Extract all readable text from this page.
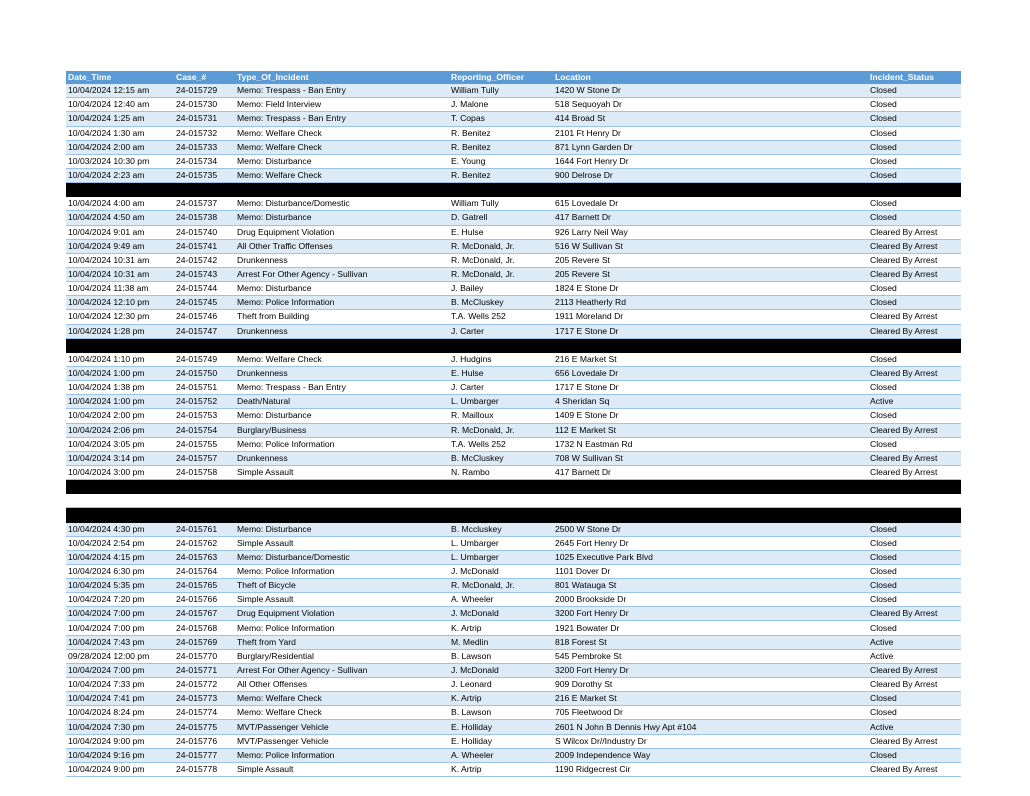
Date_Time	Case_#	Type_Of_Incident	Reporting_Officer	Location	Incident_Status
10/04/2024 12:15 am	24-015729	Memo: Trespass - Ban Entry	William Tully	1420 W Stone Dr	Closed
10/04/2024 12:40 am	24-015730	Memo: Field Interview	J. Malone	518 Sequoyah Dr	Closed
10/04/2024 1:25 am	24-015731	Memo: Trespass - Ban Entry	T. Copas	414 Broad St	Closed
10/04/2024 1:30 am	24-015732	Memo: Welfare Check	R. Benitez	2101 Ft Henry Dr	Closed
10/04/2024 2:00 am	24-015733	Memo: Welfare Check	R. Benitez	871 Lynn Garden Dr	Closed
10/03/2024 10:30 pm	24-015734	Memo: Disturbance	E. Young	1644 Fort Henry Dr	Closed
10/04/2024 2:23 am	24-015735	Memo: Welfare Check	R. Benitez	900 Delrose Dr	Closed

10/04/2024 4:00 am	24-015737	Memo: Disturbance/Domestic	William Tully	615 Lovedale Dr	Closed
10/04/2024 4:50 am	24-015738	Memo: Disturbance	D. Gatrell	417 Barnett Dr	Closed
10/04/2024 9:01 am	24-015740	Drug Equipment Violation	E. Hulse	926 Larry Neil Way	Cleared By Arrest
10/04/2024 9:49 am	24-015741	All Other Traffic Offenses	R. McDonald, Jr.	516 W Sullivan St	Cleared By Arrest
10/04/2024 10:31 am	24-015742	Drunkenness	R. McDonald, Jr.	205 Revere St	Cleared By Arrest
10/04/2024 10:31 am	24-015743	Arrest For Other Agency - Sullivan	R. McDonald, Jr.	205 Revere St	Cleared By Arrest
10/04/2024 11:38 am	24-015744	Memo: Disturbance	J. Bailey	1824 E Stone Dr	Closed
10/04/2024 12:10 pm	24-015745	Memo: Police Information	B. McCluskey	2113 Heatherly Rd	Closed
10/04/2024 12:30 pm	24-015746	Theft from Building	T.A. Wells 252	1911 Moreland Dr	Cleared By Arrest
10/04/2024 1:28 pm	24-015747	Drunkenness	J. Carter	1717 E Stone Dr	Cleared By Arrest

10/04/2024 1:10 pm	24-015749	Memo: Welfare Check	J. Hudgins	216 E Market St	Closed
10/04/2024 1:00 pm	24-015750	Drunkenness	E. Hulse	656 Lovedale Dr	Cleared By Arrest
10/04/2024 1:38 pm	24-015751	Memo: Trespass - Ban Entry	J. Carter	1717 E Stone Dr	Closed
10/04/2024 1:00 pm	24-015752	Death/Natural	L. Umbarger	4 Sheridan Sq	Active
10/04/2024 2:00 pm	24-015753	Memo: Disturbance	R. Mailloux	1409 E Stone Dr	Closed
10/04/2024 2:06 pm	24-015754	Burglary/Business	R. McDonald, Jr.	112 E Market St	Cleared By Arrest
10/04/2024 3:05 pm	24-015755	Memo: Police Information	T.A. Wells 252	1732 N Eastman Rd	Closed
10/04/2024 3:14 pm	24-015757	Drunkenness	B. McCluskey	708 W Sullivan St	Cleared By Arrest
10/04/2024 3:00 pm	24-015758	Simple Assault	N. Rambo	417 Barnett Dr	Cleared By Arrest

10/04/2024 4:30 pm	24-015761	Memo: Disturbance	B. Mccluskey	2500 W Stone Dr	Closed
10/04/2024 2:54 pm	24-015762	Simple Assault	L. Umbarger	2645 Fort Henry Dr	Closed
10/04/2024 4:15 pm	24-015763	Memo: Disturbance/Domestic	L. Umbarger	1025 Executive Park Blvd	Closed
10/04/2024 6:30 pm	24-015764	Memo: Police Information	J. McDonald	1101 Dover Dr	Closed
10/04/2024 5:35 pm	24-015765	Theft of Bicycle	R. McDonald, Jr.	801 Watauga St	Closed
10/04/2024 7:20 pm	24-015766	Simple Assault	A. Wheeler	2000 Brookside Dr	Closed
10/04/2024 7:00 pm	24-015767	Drug Equipment Violation	J. McDonald	3200 Fort Henry Dr	Cleared By Arrest
10/04/2024 7:00 pm	24-015768	Memo: Police Information	K. Artrip	1921 Bowater Dr	Closed
10/04/2024 7:43 pm	24-015769	Theft from Yard	M. Medlin	818 Forest St	Active
09/28/2024 12:00 pm	24-015770	Burglary/Residential	B. Lawson	545 Pembroke St	Active
10/04/2024 7:00 pm	24-015771	Arrest For Other Agency - Sullivan	J. McDonald	3200 Fort Henry Dr	Cleared By Arrest
10/04/2024 7:33 pm	24-015772	All Other Offenses	J. Leonard	909 Dorothy St	Cleared By Arrest
10/04/2024 7:41 pm	24-015773	Memo: Welfare Check	K. Artrip	216 E Market St	Closed
10/04/2024 8:24 pm	24-015774	Memo: Welfare Check	B. Lawson	705 Fleetwood Dr	Closed
10/04/2024 7:30 pm	24-015775	MVT/Passenger Vehicle	E. Holliday	2601 N John B Dennis Hwy Apt #104	Active
10/04/2024 9:00 pm	24-015776	MVT/Passenger Vehicle	E. Holliday	S Wilcox Dr//Industry Dr	Cleared By Arrest
10/04/2024 9:16 pm	24-015777	Memo: Police Information	A. Wheeler	2009 Independence Way	Closed
10/04/2024 9:00 pm	24-015778	Simple Assault	K. Artrip	1190 Ridgecrest Cir	Cleared By Arrest
